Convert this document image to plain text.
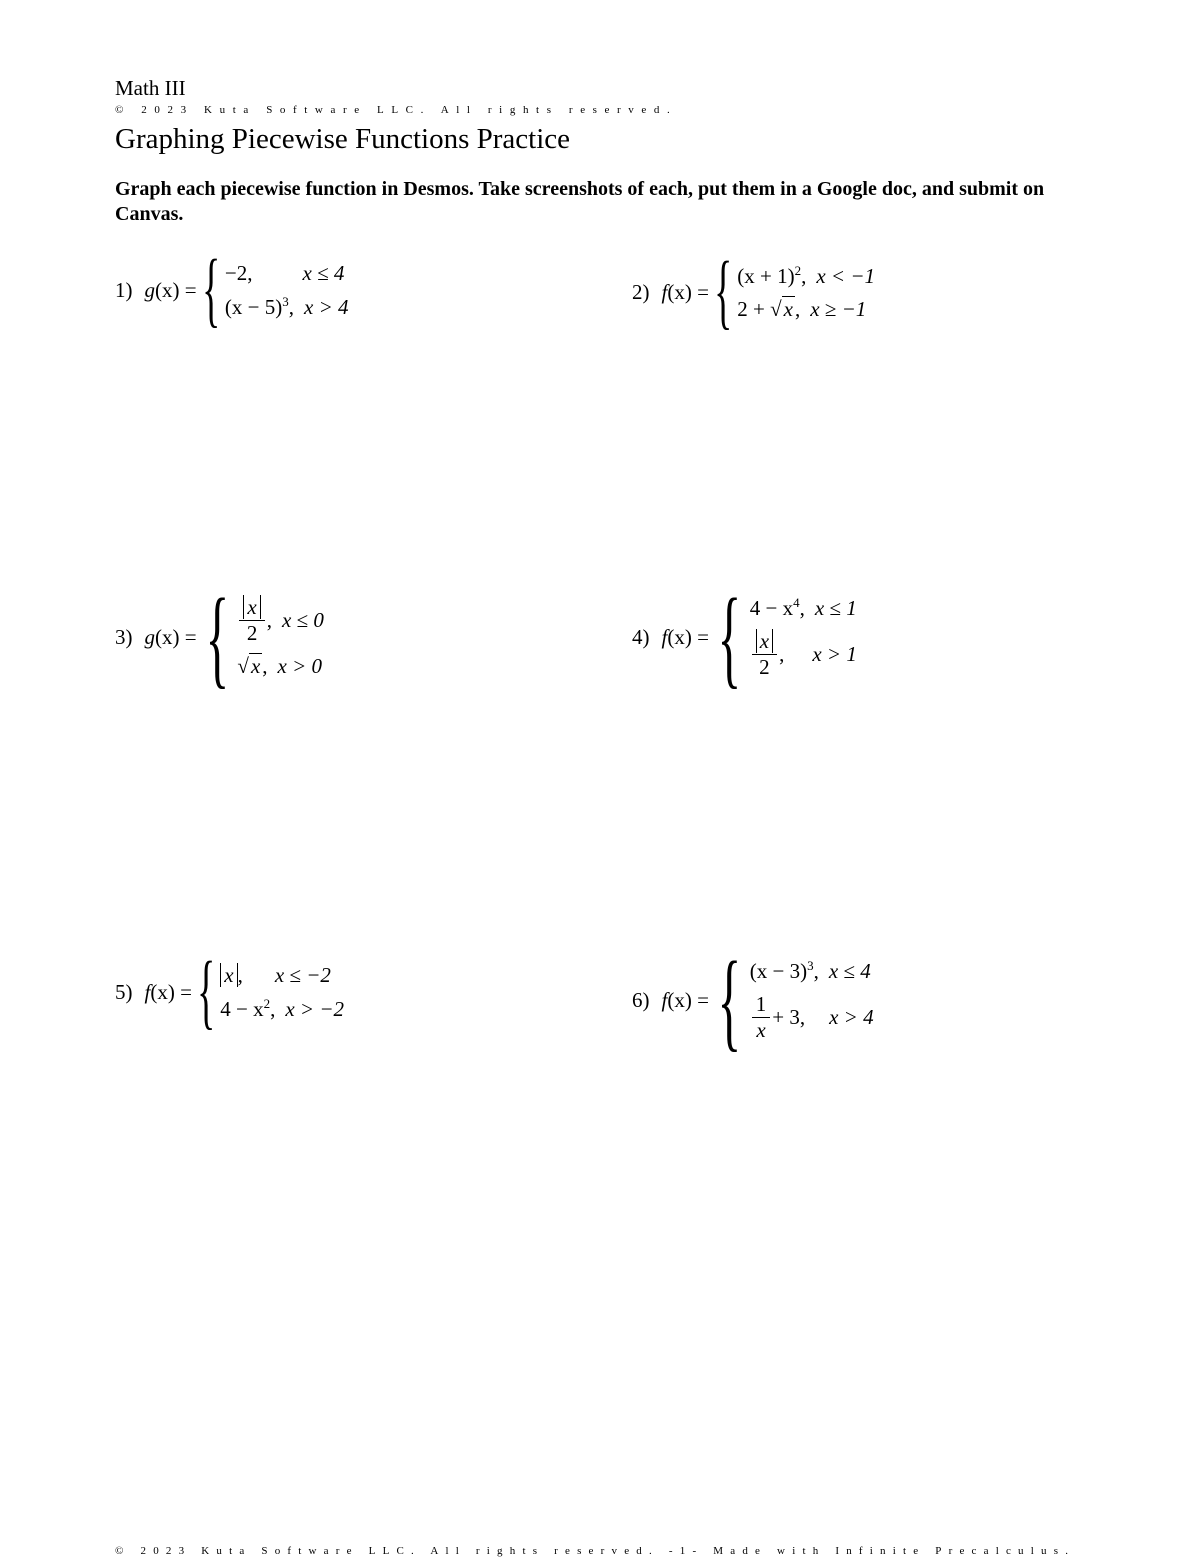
Math III
© 2023 Kuta Software LLC. All rights reserved.
Graphing Piecewise Functions Practice
Graph each piecewise function in Desmos. Take screenshots of each, put them in a Google doc, and submit on Canvas.
1) g(x) = { −2, x ≤ 4
$(x - 5)^3$, x > 4
2) f(x) = { $(x + 1)^2$, x < −1
2 + √x, x ≥ −1
3) g(x) = { $\frac{x}{2}$ , x ≤ 0
√x, x > 0
4) f(x) = { $4 - x^4$, x ≤ 1
$\frac{x}{2}$ , x > 1
5) f(x) = { x , x ≤ −2
$4 - x^2$, x > −2	6) f(x) = { $(x - 3)^3$, x ≤ 4
$\frac{1}{x} + 3$, x > 4
© 2023 Kuta Software LLC. All rights reserved. -1- Made with Infinite Precalculus.
